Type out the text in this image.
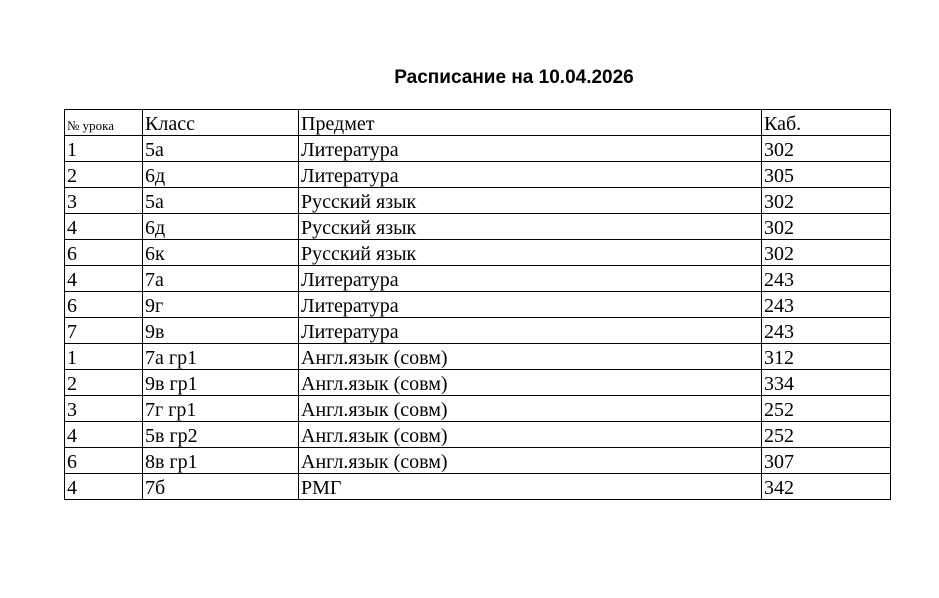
Расписание на 10.04.2026
№ урока	Класс	Предмет	Каб.
1	5а	Литература	302
2	6д	Литература	305
3	5а	Русский язык	302
4	6д	Русский язык	302
6	6к	Русский язык	302
4	7а	Литература	243
6	9г	Литература	243
7	9в	Литература	243
1	7а гр1	Англ.язык (совм)	312
2	9в гр1	Англ.язык (совм)	334
3	7г гр1	Англ.язык (совм)	252
4	5в гр2	Англ.язык (совм)	252
6	8в гр1	Англ.язык (совм)	307
4	7б	РМГ	342
